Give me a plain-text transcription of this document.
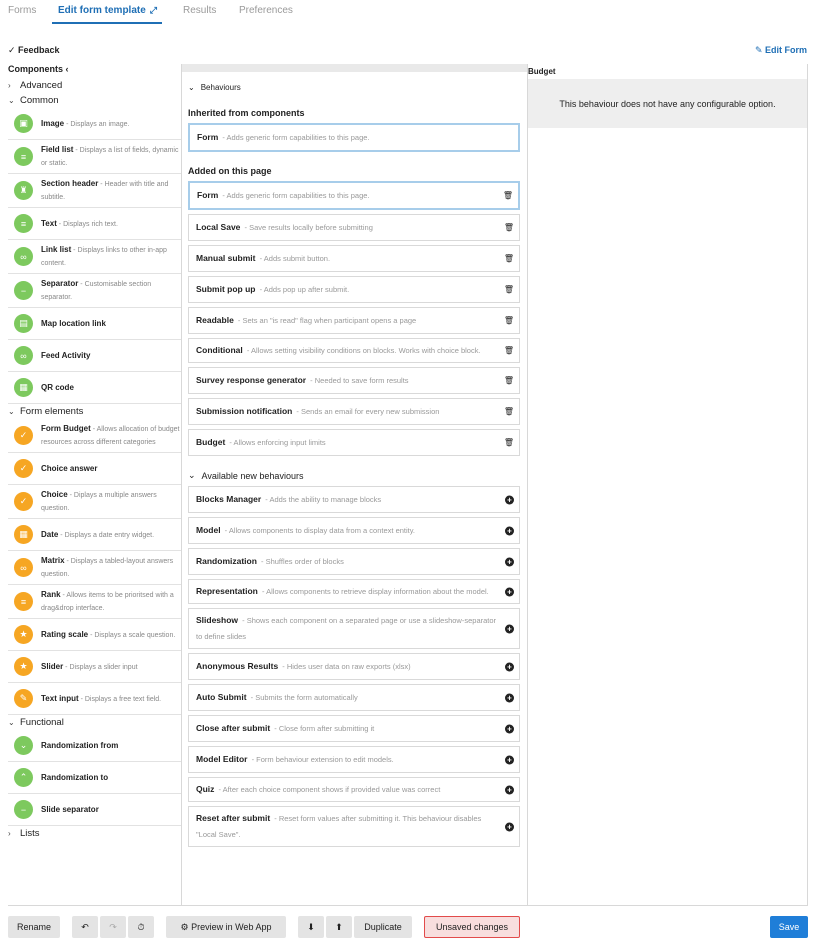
Forms Edit form template ⤢	Results Preferences
✓ Feedback	✎ Edit Form
Components ‹
› Advanced
⌄ Common
▣	Image - Displays an image.
≡
Field list - Displays a list of fields, dynamic or static.
♜
Section header - Header with title and subtitle.
≡	Text - Displays rich text.
∞
Link list - Displays links to other in-app content.
−
Separator - Customisable section separator.
▤	Map location link
∞	Feed Activity
▦	QR code
⌄ Form elements
✓
Form Budget - Allows allocation of budget resources across different categories
✓	Choice answer
✓
Choice - Diplays a multiple answers question.
▦	Date - Displays a date entry widget.
∞
Matrix - Displays a tabled-layout answers question.
≡
Rank - Allows items to be prioritsed with a drag&drop interface.
★	Rating scale - Displays a scale question.
★	Slider - Displays a slider input
✎	Text input - Displays a free text field.
⌄ Functional
⌄	Randomization from
⌃	Randomization to
−	Slide separator
› Lists
⌄ Behaviours
Inherited from components
Form - Adds generic form capabilities to this page.
Added on this page
Form - Adds generic form capabilities to this page.	🗑
Local Save - Save results locally before submitting	🗑
Manual submit - Adds submit button.	🗑
Submit pop up - Adds pop up after submit.	🗑
Readable - Sets an "is read" flag when participant opens a page	🗑
Conditional - Allows setting visibility conditions on blocks. Works with choice block.	🗑
Survey response generator - Needed to save form results	🗑
Submission notification - Sends an email for every new submission	🗑
Budget - Allows enforcing input limits	🗑
⌄ Available new behaviours
Blocks Manager - Adds the ability to manage blocks	+
Model - Allows components to display data from a context entity.	+
Randomization - Shuffles order of blocks	+
Representation - Allows components to retrieve display information about the model. +
Slideshow - Shows each component on a separated page or use a slideshow-separator to define slides
+
Anonymous Results - Hides user data on raw exports (xlsx)	+
Auto Submit - Submits the form automatically	+
Close after submit - Close form after submitting it	+
Model Editor - Form behaviour extension to edit models.	+
Quiz - After each choice component shows if provided value was correct	+
Reset after submit - Reset form values after submitting it. This behaviour disables "Local Save".
+
Budget
This behaviour does not have any configurable option.
Rename	↶	↷	⏱	⚙ Preview in Web App	⬇	⬆	Duplicate	Unsaved changes	Save
